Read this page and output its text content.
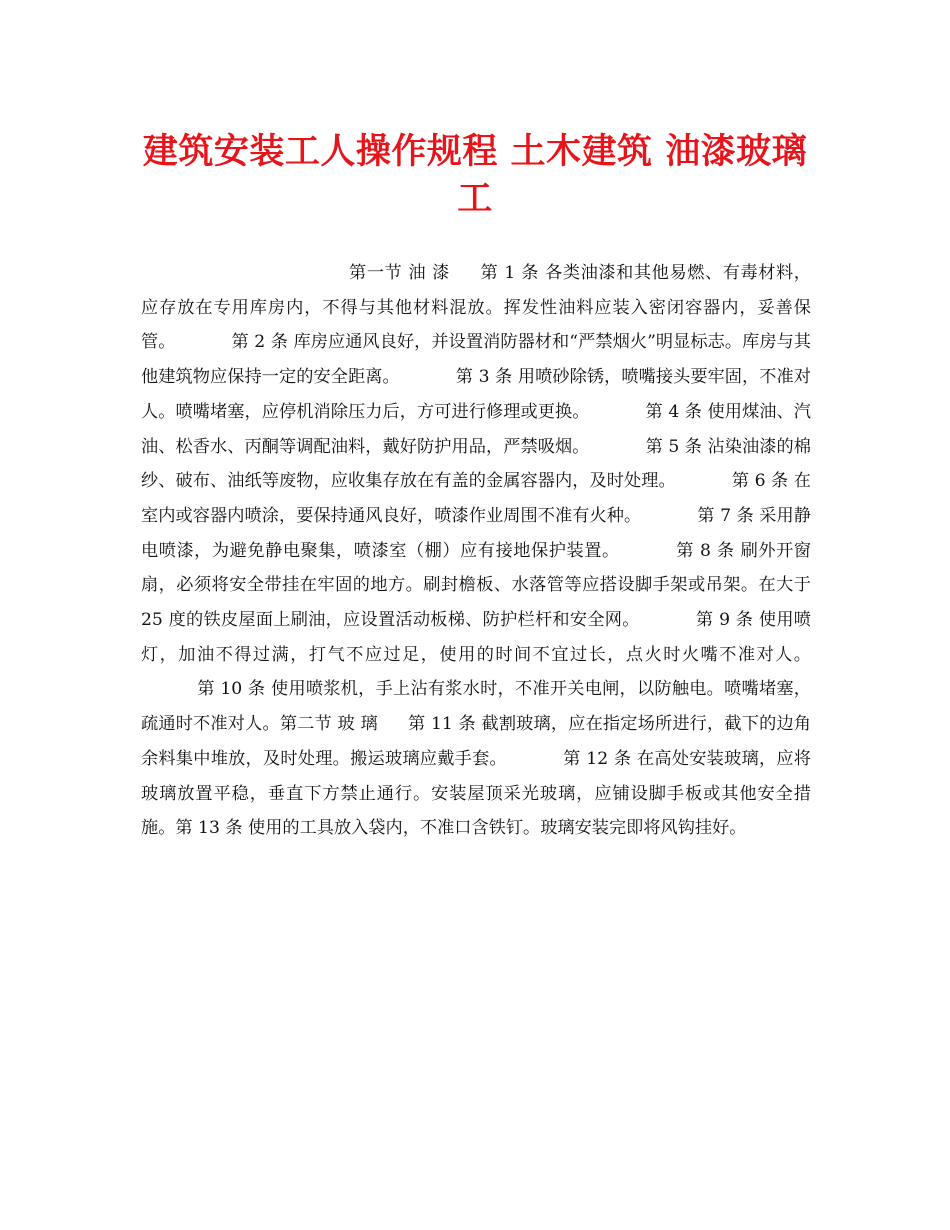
建筑安装工人操作规程 土木建筑 油漆玻璃工

第一节 油 漆 第 1 条 各类油漆和其他易燃、有毒材料，应存放在专用库房内，不得与其他材料混放。挥发性油料应装入密闭容器内，妥善保管。	第 2 条 库房应通风良好，并设置消防器材和“严禁烟火”明显标志。库房与其他建筑物应保持一定的安全距离。	第 3 条 用喷砂除锈，喷嘴接头要牢固，不准对人。喷嘴堵塞，应停机消除压力后，方可进行修理或更换。	第 4 条 使用煤油、汽油、松香水、丙酮等调配油料，戴好防护用品，严禁吸烟。	第 5 条 沾染油漆的棉纱、破布、油纸等废物，应收集存放在有盖的金属容器内，及时处理。	第 6 条 在室内或容器内喷涂，要保持通风良好，喷漆作业周围不准有火种。	第 7 条 采用静电喷漆，为避免静电聚集，喷漆室（棚）应有接地保护装置。	第 8 条 刷外开窗扇，必须将安全带挂在牢固的地方。刷封檐板、水落管等应搭设脚手架或吊架。在大于 25 度的铁皮屋面上刷油，应设置活动板梯、防护栏杆和安全网。	第 9 条 使用喷灯，加油不得过满，打气不应过足，使用的时间不宜过长，点火时火嘴不准对人。第 10 条 使用喷浆机，手上沾有浆水时，不准开关电闸，以防触电。喷嘴堵塞，疏通时不准对人。第二节 玻 璃 第 11 条 截割玻璃，应在指定场所进行，截下的边角余料集中堆放，及时处理。搬运玻璃应戴手套。	第 12 条 在高处安装玻璃，应将玻璃放置平稳，垂直下方禁止通行。安装屋顶采光玻璃，应铺设脚手板或其他安全措施。第 13 条 使用的工具放入袋内，不准口含铁钉。玻璃安装完即将风钩挂好。
